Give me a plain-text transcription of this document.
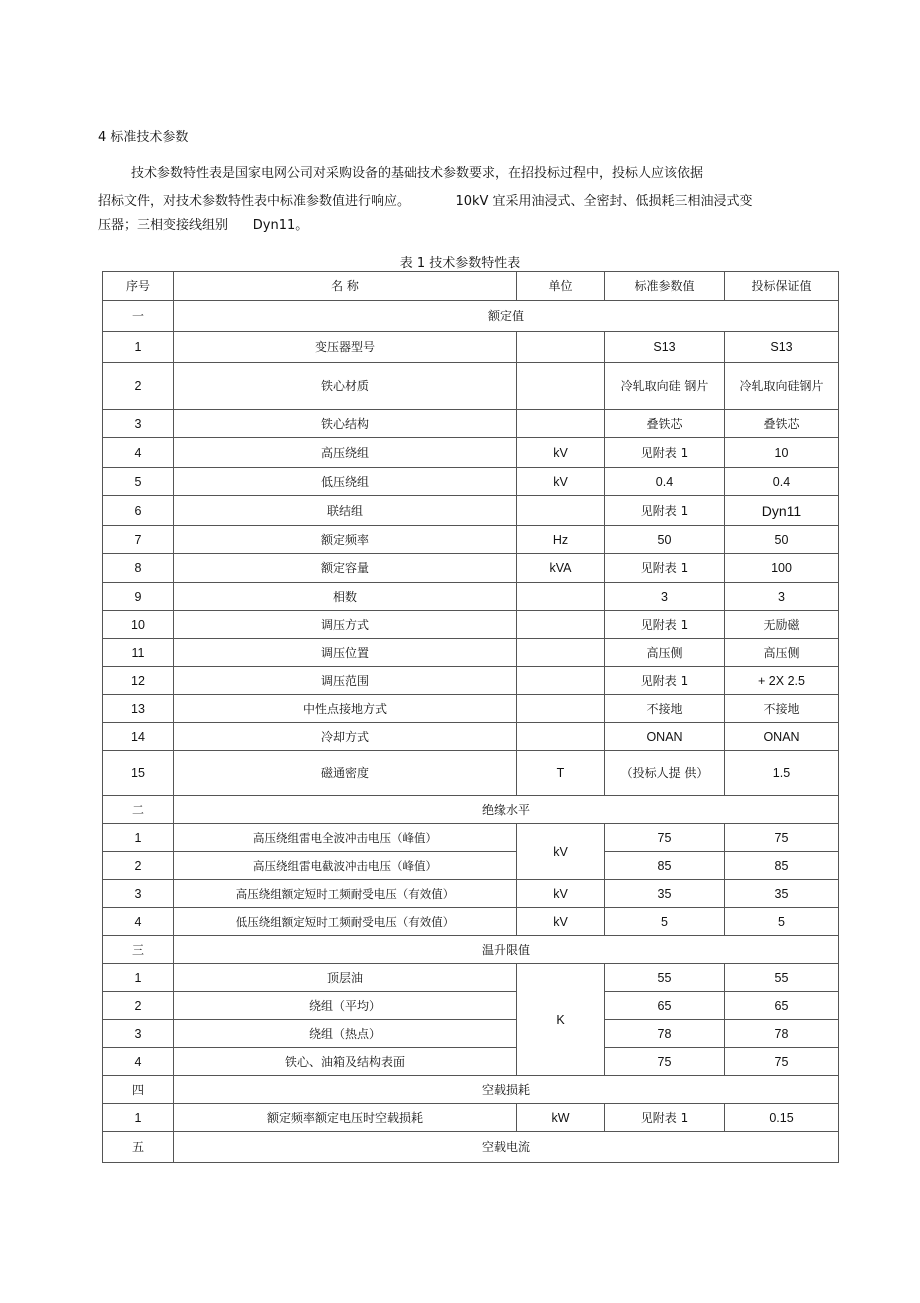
4 标准技术参数
技术参数特性表是国家电网公司对采购设备的基础技术参数要求，在招投标过程中，投标人应该依据
招标文件，对技术参数特性表中标准参数值进行响应。           10kV 宜采用油浸式、全密封、低损耗三相油浸式变
压器；三相变接线组别      Dyn11。
表 1 技术参数特性表
序号	名 称	单位	标准参数值	投标保证值
一	额定值			
1	变压器型号		S13	S13
2	铁心材质		冷轧取向硅 钢片	冷轧取向硅钢片
3	铁心结构		叠铁芯	叠铁芯
4	高压绕组	kV	见附表 1	10
5	低压绕组	kV	0.4	0.4
6	联结组		见附表 1	Dyn11
7	额定频率	Hz	50	50
8	额定容量	kVA	见附表 1	100
9	相数		3	3
10	调压方式		见附表 1	无励磁
11	调压位置		高压侧	高压侧
12	调压范围		见附表 1	+ 2X 2.5
13	中性点接地方式		不接地	不接地
14	冷却方式		ONAN	ONAN
15	磁通密度	T	（投标人提 供）	1.5
二	绝缘水平			
1	高压绕组雷电全波冲击电压（峰值）	kV	75	75
2	高压绕组雷电截波冲击电压（峰值）		85	85
3	高压绕组额定短时工频耐受电压（有效值）	kV	35	35
4	低压绕组额定短时工频耐受电压（有效值）	kV	5	5
三	温升限值			
1	顶层油	K	55	55
2	绕组（平均）		65	65
3	绕组（热点）		78	78
4	铁心、油箱及结构表面		75	75
四	空载损耗			
1	额定频率额定电压时空载损耗	kW	见附表 1	0.15
五	空载电流			
